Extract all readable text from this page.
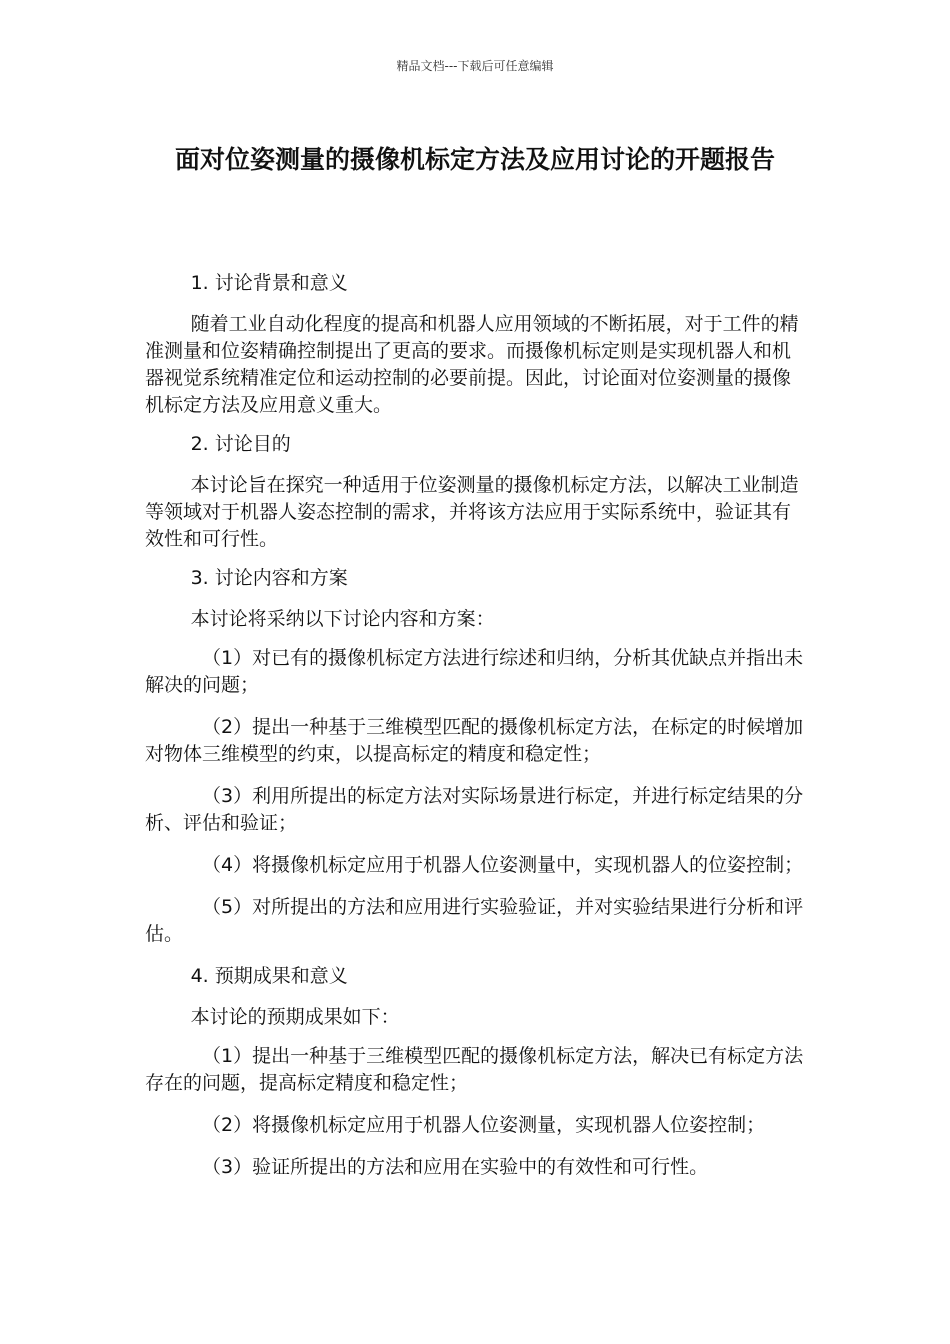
精品文档---下载后可任意编辑
面对位姿测量的摄像机标定方法及应用讨论的开题报告

1. 讨论背景和意义

随着工业自动化程度的提高和机器人应用领域的不断拓展，对于工件的精准测量和位姿精确控制提出了更高的要求。而摄像机标定则是实现机器人和机器视觉系统精准定位和运动控制的必要前提。因此，讨论面对位姿测量的摄像机标定方法及应用意义重大。

2. 讨论目的

本讨论旨在探究一种适用于位姿测量的摄像机标定方法，以解决工业制造等领域对于机器人姿态控制的需求，并将该方法应用于实际系统中，验证其有效性和可行性。

3. 讨论内容和方案

本讨论将采纳以下讨论内容和方案：

（1）对已有的摄像机标定方法进行综述和归纳，分析其优缺点并指出未解决的问题；

（2）提出一种基于三维模型匹配的摄像机标定方法，在标定的时候增加对物体三维模型的约束，以提高标定的精度和稳定性；

（3）利用所提出的标定方法对实际场景进行标定，并进行标定结果的分析、评估和验证；

（4）将摄像机标定应用于机器人位姿测量中，实现机器人的位姿控制；

（5）对所提出的方法和应用进行实验验证，并对实验结果进行分析和评估。

4. 预期成果和意义

本讨论的预期成果如下：

（1）提出一种基于三维模型匹配的摄像机标定方法，解决已有标定方法存在的问题，提高标定精度和稳定性；

（2）将摄像机标定应用于机器人位姿测量，实现机器人位姿控制；

（3）验证所提出的方法和应用在实验中的有效性和可行性。
